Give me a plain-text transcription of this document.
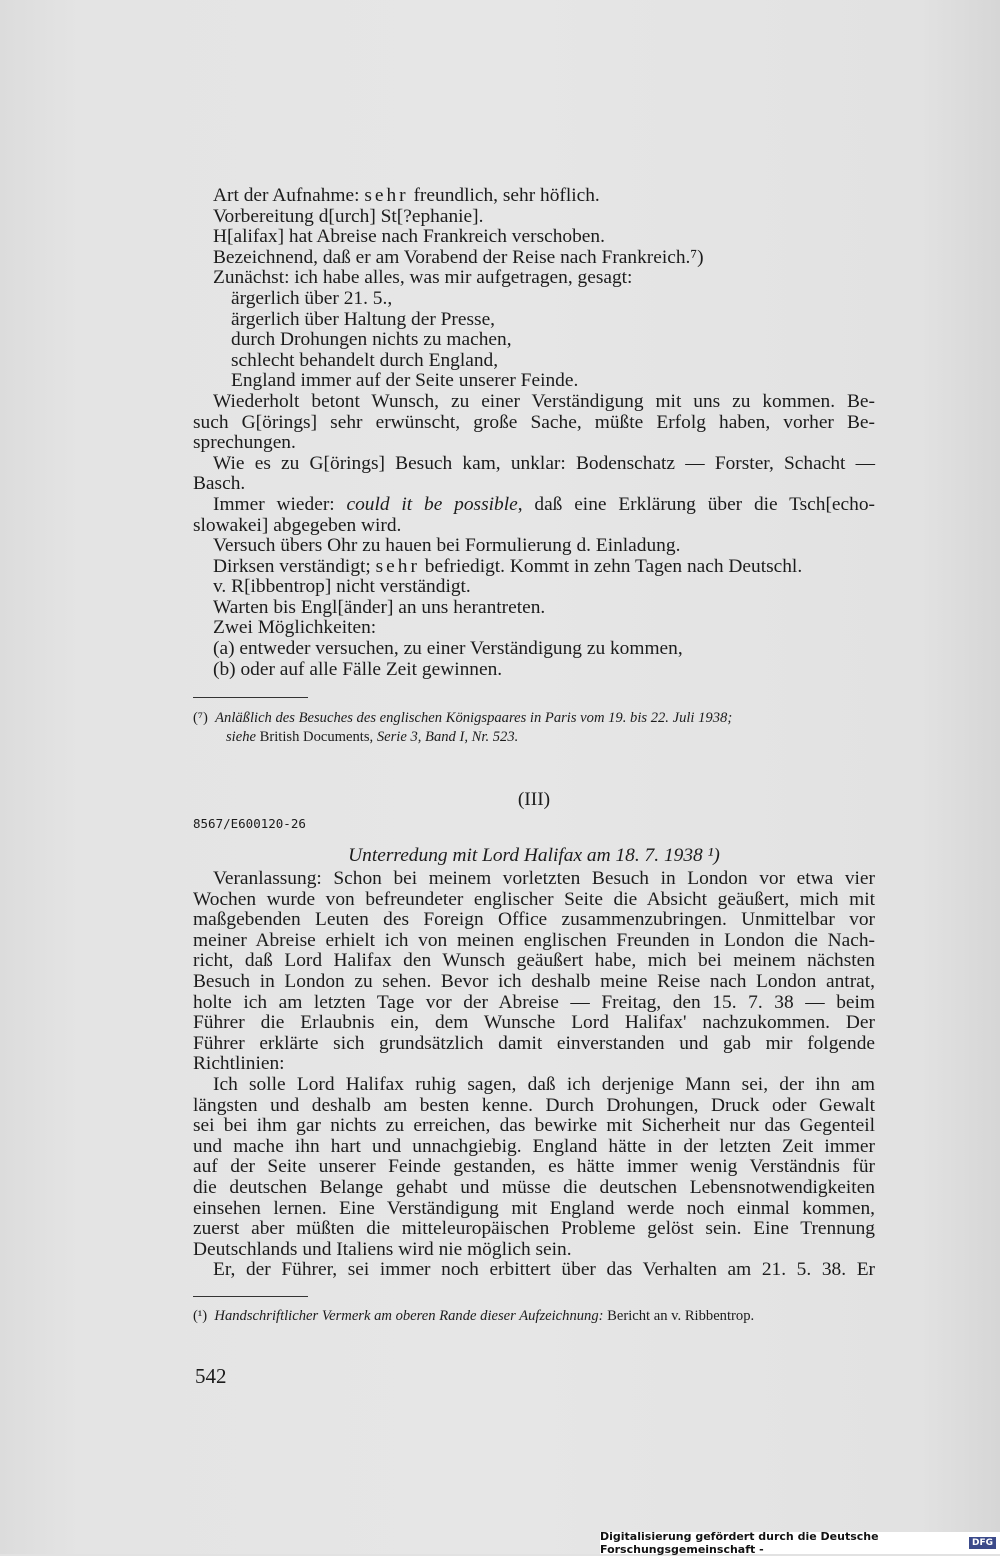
Art der Aufnahme: sehr freundlich, sehr höflich.
Vorbereitung d[urch] St[?ephanie].
H[alifax] hat Abreise nach Frankreich verschoben.
Bezeichnend, daß er am Vorabend der Reise nach Frankreich.⁷)
Zunächst: ich habe alles, was mir aufgetragen, gesagt:
ärgerlich über 21. 5.,
ärgerlich über Haltung der Presse,
durch Drohungen nichts zu machen,
schlecht behandelt durch England,
England immer auf der Seite unserer Feinde.
Wiederholt betont Wunsch, zu einer Verständigung mit uns zu kommen. Be-
such G[örings] sehr erwünscht, große Sache, müßte Erfolg haben, vorher Be-
sprechungen.
Wie es zu G[örings] Besuch kam, unklar: Bodenschatz — Forster, Schacht —
Basch.
Immer wieder: could it be possible, daß eine Erklärung über die Tsch[echo-
slowakei] abgegeben wird.
Versuch übers Ohr zu hauen bei Formulierung d. Einladung.
Dirksen verständigt; sehr befriedigt. Kommt in zehn Tagen nach Deutschl.
v. R[ibbentrop] nicht verständigt.
Warten bis Engl[änder] an uns herantreten.
Zwei Möglichkeiten:
(a) entweder versuchen, zu einer Verständigung zu kommen,
(b) oder auf alle Fälle Zeit gewinnen.
(⁷) Anläßlich des Besuches des englischen Königspaares in Paris vom 19. bis 22. Juli 1938;
siehe British Documents, Serie 3, Band I, Nr. 523.
(III)
8567/E600120-26
Unterredung mit Lord Halifax am 18. 7. 1938 ¹)
Veranlassung: Schon bei meinem vorletzten Besuch in London vor etwa vier
Wochen wurde von befreundeter englischer Seite die Absicht geäußert, mich mit
maßgebenden Leuten des Foreign Office zusammenzubringen. Unmittelbar vor
meiner Abreise erhielt ich von meinen englischen Freunden in London die Nach-
richt, daß Lord Halifax den Wunsch geäußert habe, mich bei meinem nächsten
Besuch in London zu sehen. Bevor ich deshalb meine Reise nach London antrat,
holte ich am letzten Tage vor der Abreise — Freitag, den 15. 7. 38 — beim
Führer die Erlaubnis ein, dem Wunsche Lord Halifax' nachzukommen. Der
Führer erklärte sich grundsätzlich damit einverstanden und gab mir folgende
Richtlinien:
Ich solle Lord Halifax ruhig sagen, daß ich derjenige Mann sei, der ihn am
längsten und deshalb am besten kenne. Durch Drohungen, Druck oder Gewalt
sei bei ihm gar nichts zu erreichen, das bewirke mit Sicherheit nur das Gegenteil
und mache ihn hart und unnachgiebig. England hätte in der letzten Zeit immer
auf der Seite unserer Feinde gestanden, es hätte immer wenig Verständnis für
die deutschen Belange gehabt und müsse die deutschen Lebensnotwendigkeiten
einsehen lernen. Eine Verständigung mit England werde noch einmal kommen,
zuerst aber müßten die mitteleuropäischen Probleme gelöst sein. Eine Trennung
Deutschlands und Italiens wird nie möglich sein.
Er, der Führer, sei immer noch erbittert über das Verhalten am 21. 5. 38. Er
(¹) Handschriftlicher Vermerk am oberen Rande dieser Aufzeichnung: Bericht an v. Ribbentrop.
542
Digitalisierung gefördert durch die Deutsche Forschungsgemeinschaft -	DFG
